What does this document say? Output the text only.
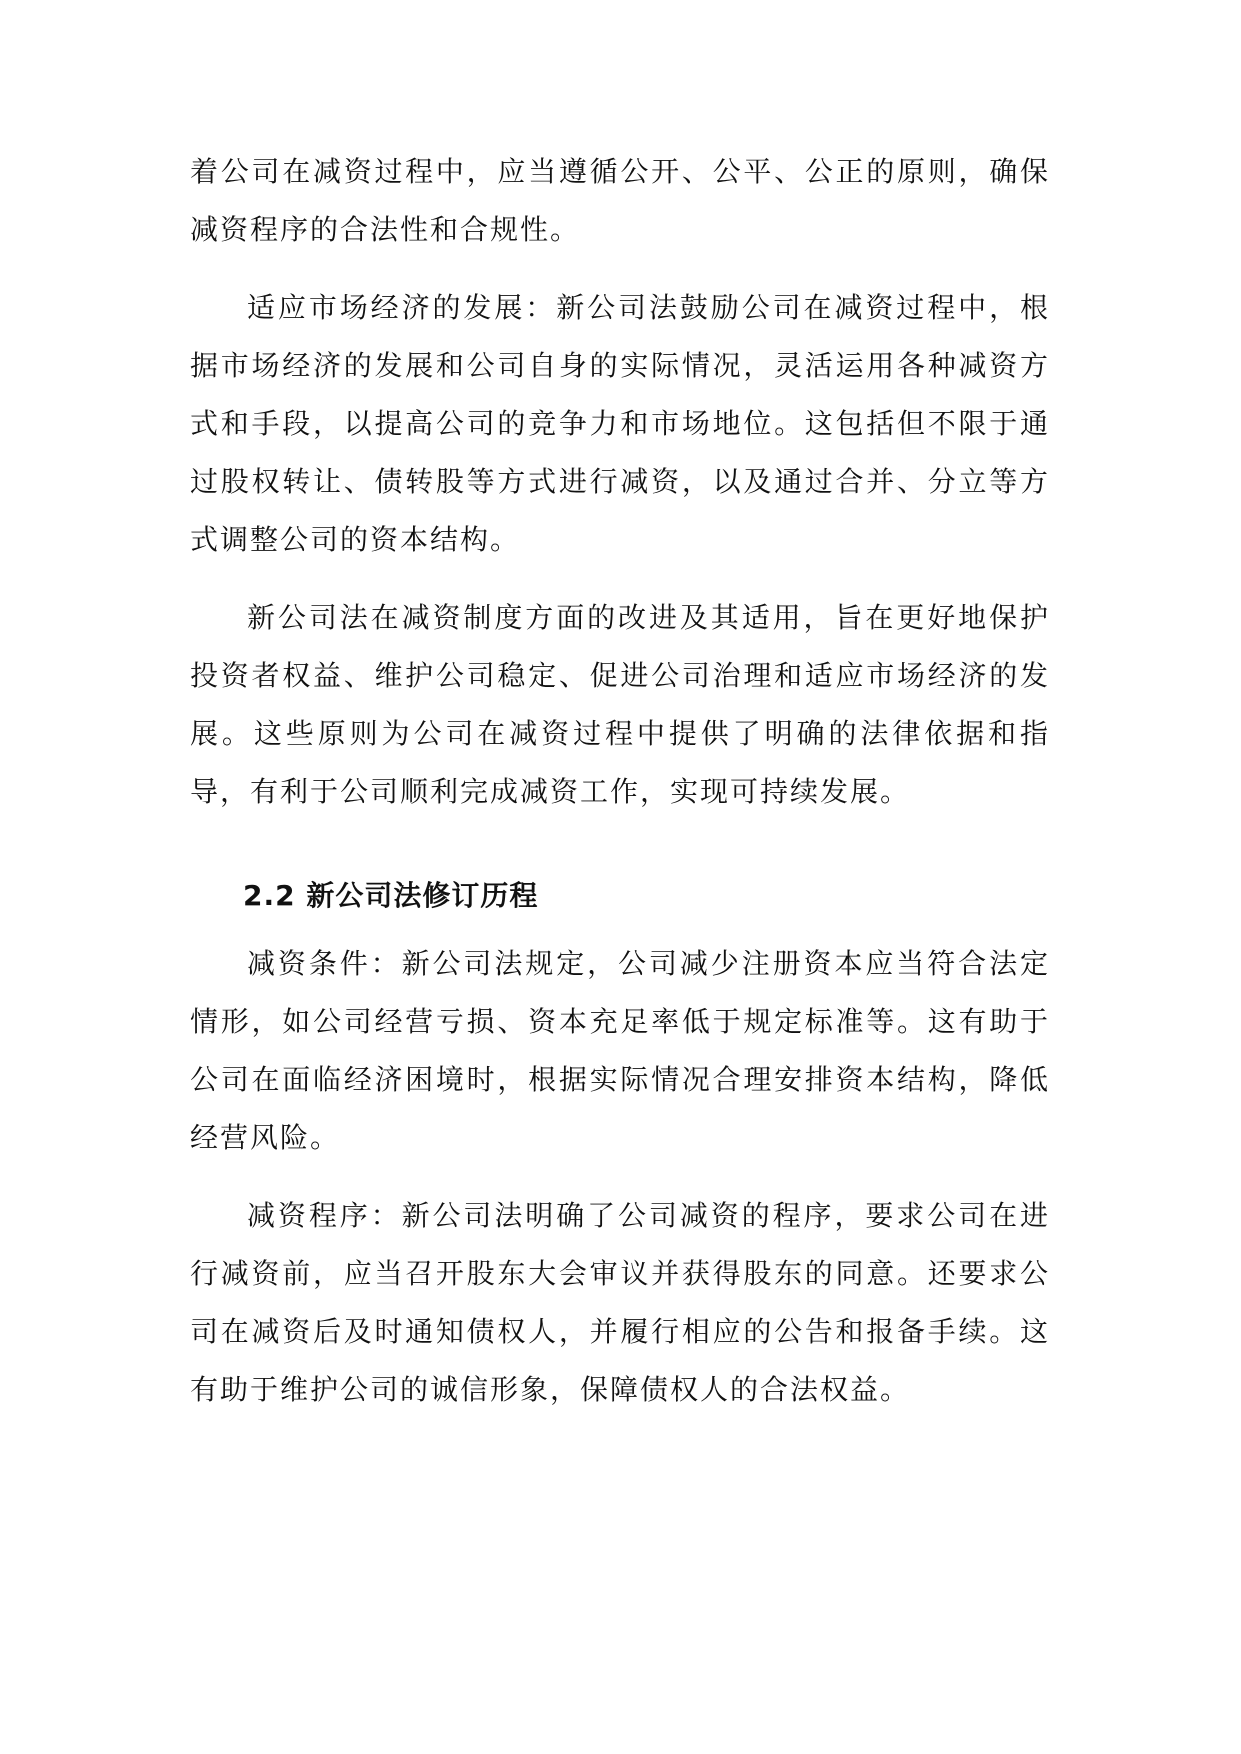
着公司在减资过程中，应当遵循公开、公平、公正的原则，确保减资程序的合法性和合规性。

适应市场经济的发展：新公司法鼓励公司在减资过程中，根据市场经济的发展和公司自身的实际情况，灵活运用各种减资方式和手段，以提高公司的竞争力和市场地位。这包括但不限于通过股权转让、债转股等方式进行减资，以及通过合并、分立等方式调整公司的资本结构。

新公司法在减资制度方面的改进及其适用，旨在更好地保护投资者权益、维护公司稳定、促进公司治理和适应市场经济的发展。这些原则为公司在减资过程中提供了明确的法律依据和指导，有利于公司顺利完成减资工作，实现可持续发展。

2.2 新公司法修订历程

减资条件：新公司法规定，公司减少注册资本应当符合法定情形，如公司经营亏损、资本充足率低于规定标准等。这有助于公司在面临经济困境时，根据实际情况合理安排资本结构，降低经营风险。

减资程序：新公司法明确了公司减资的程序，要求公司在进行减资前，应当召开股东大会审议并获得股东的同意。还要求公司在减资后及时通知债权人，并履行相应的公告和报备手续。这有助于维护公司的诚信形象，保障债权人的合法权益。
